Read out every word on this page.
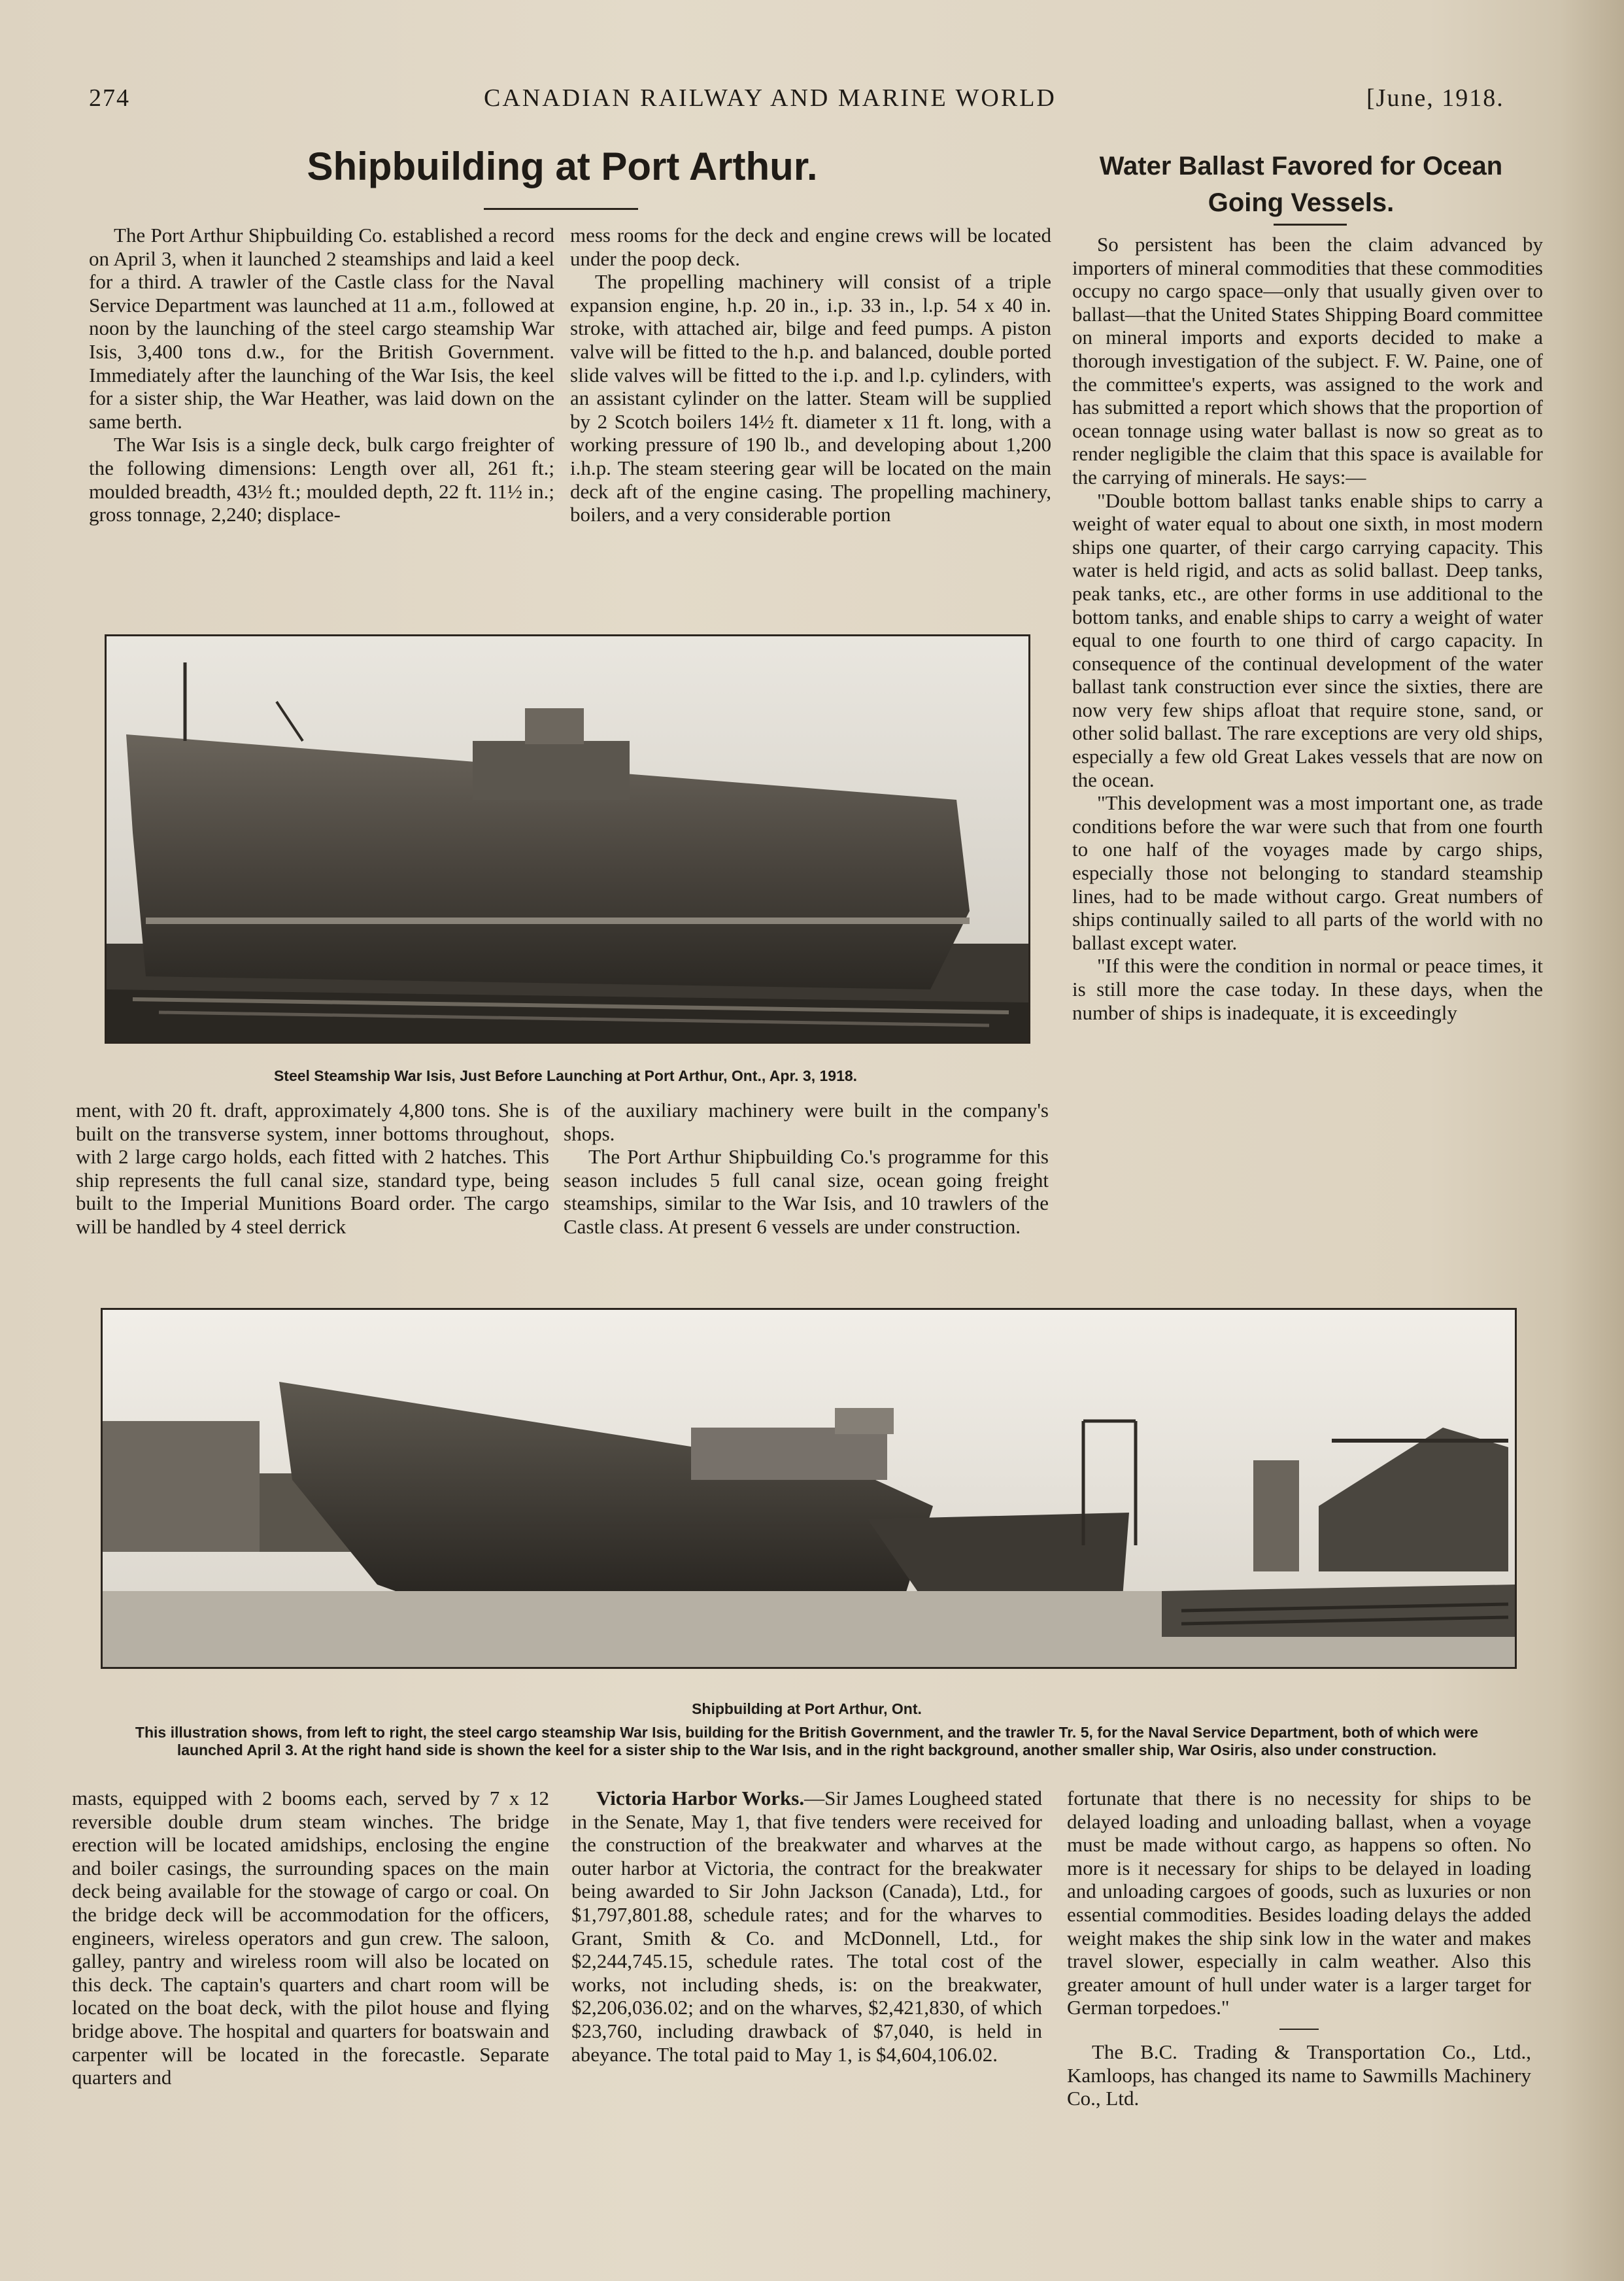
274	CANADIAN RAILWAY AND MARINE WORLD	[June, 1918.
Shipbuilding at Port Arthur.	Water Ballast Favored for Ocean Going Vessels.

The Port Arthur Shipbuilding Co. established a record on April 3, when it launched 2 steamships and laid a keel for a third. A trawler of the Castle class for the Naval Service Department was launched at 11 a.m., followed at noon by the launching of the steel cargo steamship War Isis, 3,400 tons d.w., for the British Government. Immediately after the launching of the War Isis, the keel for a sister ship, the War Heather, was laid down on the same berth.

The War Isis is a single deck, bulk cargo freighter of the following dimensions: Length over all, 261 ft.; moulded breadth, 43½ ft.; moulded depth, 22 ft. 11½ in.; gross tonnage, 2,240; displace-

mess rooms for the deck and engine crews will be located under the poop deck.

The propelling machinery will consist of a triple expansion engine, h.p. 20 in., i.p. 33 in., l.p. 54 x 40 in. stroke, with attached air, bilge and feed pumps. A piston valve will be fitted to the h.p. and balanced, double ported slide valves will be fitted to the i.p. and l.p. cylinders, with an assistant cylinder on the latter. Steam will be supplied by 2 Scotch boilers 14½ ft. diameter x 11 ft. long, with a working pressure of 190 lb., and developing about 1,200 i.h.p. The steam steering gear will be located on the main deck aft of the engine casing. The propelling machinery, boilers, and a very considerable portion

So persistent has been the claim advanced by importers of mineral commodities that these commodities occupy no cargo space—only that usually given over to ballast—that the United States Shipping Board committee on mineral imports and exports decided to make a thorough investigation of the subject. F. W. Paine, one of the committee's experts, was assigned to the work and has submitted a report which shows that the proportion of ocean tonnage using water ballast is now so great as to render negligible the claim that this space is available for the carrying of minerals. He says:—

"Double bottom ballast tanks enable ships to carry a weight of water equal to about one sixth, in most modern ships one quarter, of their cargo carrying capacity. This water is held rigid, and acts as solid ballast. Deep tanks, peak tanks, etc., are other forms in use additional to the bottom tanks, and enable ships to carry a weight of water equal to one fourth to one third of cargo capacity. In consequence of the continual development of the water ballast tank construction ever since the sixties, there are now very few ships afloat that require stone, sand, or other solid ballast. The rare exceptions are very old ships, especially a few old Great Lakes vessels that are now on the ocean.

"This development was a most important one, as trade conditions before the war were such that from one fourth to one half of the voyages made by cargo ships, especially those not belonging to standard steamship lines, had to be made without cargo. Great numbers of ships continually sailed to all parts of the world with no ballast except water.

"If this were the condition in normal or peace times, it is still more the case today. In these days, when the number of ships is inadequate, it is exceedingly

Steel Steamship War Isis, Just Before Launching at Port Arthur, Ont., Apr. 3, 1918.

ment, with 20 ft. draft, approximately 4,800 tons. She is built on the transverse system, inner bottoms throughout, with 2 large cargo holds, each fitted with 2 hatches. This ship represents the full canal size, standard type, being built to the Imperial Munitions Board order. The cargo will be handled by 4 steel derrick

of the auxiliary machinery were built in the company's shops.

The Port Arthur Shipbuilding Co.'s programme for this season includes 5 full canal size, ocean going freight steamships, similar to the War Isis, and 10 trawlers of the Castle class. At present 6 vessels are under construction.

Shipbuilding at Port Arthur, Ont.
This illustration shows, from left to right, the steel cargo steamship War Isis, building for the British Government, and the trawler Tr. 5, for the Naval Service Department, both of which were launched April 3. At the right hand side is shown the keel for a sister ship to the War Isis, and in the right background, another smaller ship, War Osiris, also under construction.

masts, equipped with 2 booms each, served by 7 x 12 reversible double drum steam winches. The bridge erection will be located amidships, enclosing the engine and boiler casings, the surrounding spaces on the main deck being available for the stowage of cargo or coal. On the bridge deck will be accommodation for the officers, engineers, wireless operators and gun crew. The saloon, galley, pantry and wireless room will also be located on this deck. The captain's quarters and chart room will be located on the boat deck, with the pilot house and flying bridge above. The hospital and quarters for boatswain and carpenter will be located in the forecastle. Separate quarters and

Victoria Harbor Works.—Sir James Lougheed stated in the Senate, May 1, that five tenders were received for the construction of the breakwater and wharves at the outer harbor at Victoria, the contract for the breakwater being awarded to Sir John Jackson (Canada), Ltd., for $1,797,801.88, schedule rates; and for the wharves to Grant, Smith & Co. and McDonnell, Ltd., for $2,244,745.15, schedule rates. The total cost of the works, not including sheds, is: on the breakwater, $2,206,036.02; and on the wharves, $2,421,830, of which $23,760, including drawback of $7,040, is held in abeyance. The total paid to May 1, is $4,604,106.02.

fortunate that there is no necessity for ships to be delayed loading and unloading ballast, when a voyage must be made without cargo, as happens so often. No more is it necessary for ships to be delayed in loading and unloading cargoes of goods, such as luxuries or non essential commodities. Besides loading delays the added weight makes the ship sink low in the water and makes travel slower, especially in calm weather. Also this greater amount of hull under water is a larger target for German torpedoes."

The B.C. Trading & Transportation Co., Ltd., Kamloops, has changed its name to Sawmills Machinery Co., Ltd.
